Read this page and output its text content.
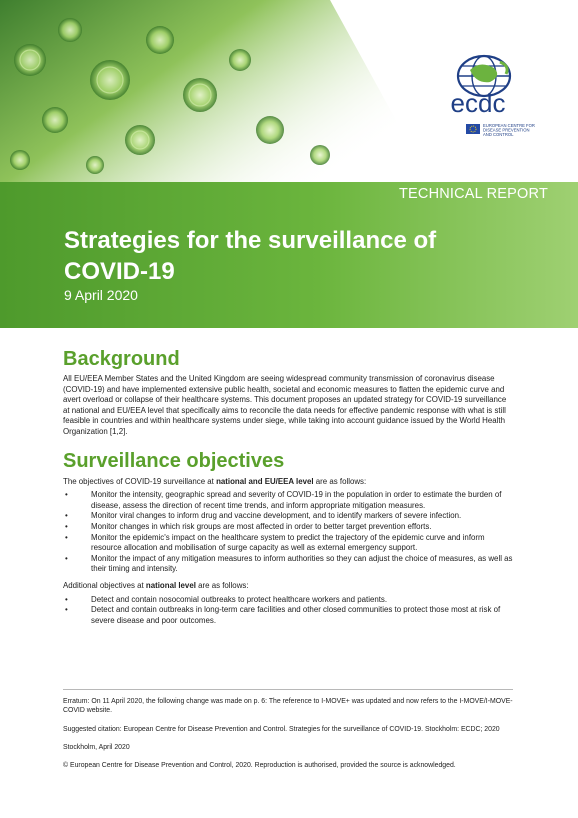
ecdc
EUROPEAN CENTRE FOR
DISEASE PREVENTION
AND CONTROL
TECHNICAL REPORT
Strategies for the surveillance of COVID-19
9 April 2020
Background

All EU/EEA Member States and the United Kingdom are seeing widespread community transmission of coronavirus disease (COVID-19) and have implemented extensive public health, societal and economic measures to flatten the epidemic curve and avert overload or collapse of their healthcare systems. This document proposes an updated strategy for COVID-19 surveillance at national and EU/EEA level that specifically aims to reconcile the data needs for effective pandemic response with what is still feasible in countries and within healthcare systems under siege, while taking into account guidance issued by the World Health Organization [1,2].

Surveillance objectives

The objectives of COVID-19 surveillance at national and EU/EEA level are as follows:

• Monitor the intensity, geographic spread and severity of COVID-19 in the population in order to estimate the burden of disease, assess the direction of recent time trends, and inform appropriate mitigation measures.
• Monitor viral changes to inform drug and vaccine development, and to identify markers of severe infection.
• Monitor changes in which risk groups are most affected in order to better target prevention efforts.
• Monitor the epidemic's impact on the healthcare system to predict the trajectory of the epidemic curve and inform resource allocation and mobilisation of surge capacity as well as external emergency support.
• Monitor the impact of any mitigation measures to inform authorities so they can adjust the choice of measures, as well as their timing and intensity.

Additional objectives at national level are as follows:

• Detect and contain nosocomial outbreaks to protect healthcare workers and patients.
• Detect and contain outbreaks in long-term care facilities and other closed communities to protect those most at risk of severe disease and poor outcomes.

Erratum: On 11 April 2020, the following change was made on p. 6: The reference to I-MOVE+ was updated and now refers to the I-MOVE/I-MOVE-COVID website.

Suggested citation: European Centre for Disease Prevention and Control. Strategies for the surveillance of COVID-19. Stockholm: ECDC; 2020

Stockholm, April 2020

© European Centre for Disease Prevention and Control, 2020. Reproduction is authorised, provided the source is acknowledged.
